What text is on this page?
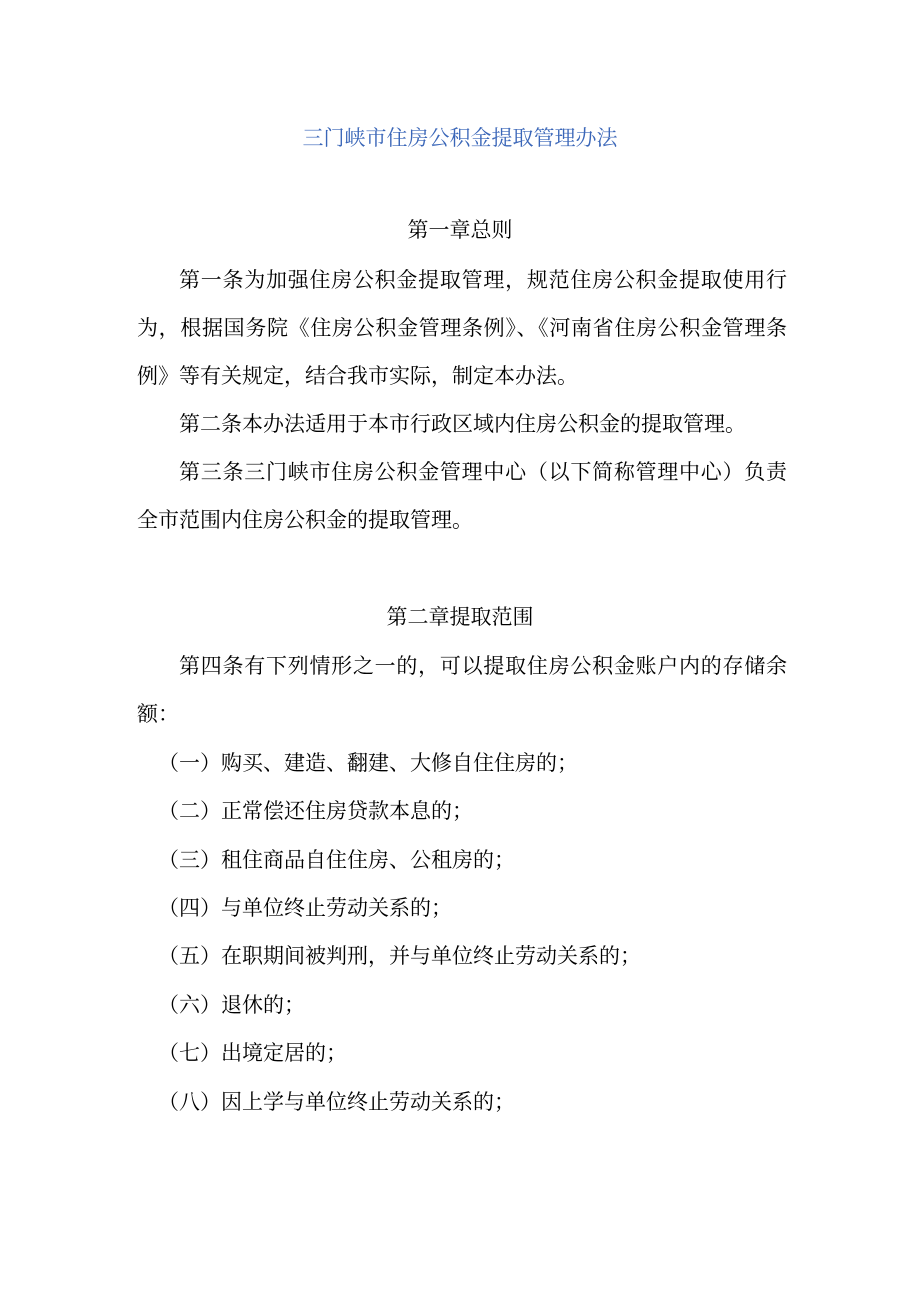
三门峡市住房公积金提取管理办法
第一章总则

第一条为加强住房公积金提取管理，规范住房公积金提取使用行为，根据国务院《住房公积金管理条例》、《河南省住房公积金管理条例》等有关规定，结合我市实际，制定本办法。

第二条本办法适用于本市行政区域内住房公积金的提取管理。

第三条三门峡市住房公积金管理中心（以下简称管理中心）负责全市范围内住房公积金的提取管理。

第二章提取范围

第四条有下列情形之一的，可以提取住房公积金账户内的存储余额：

（一）购买、建造、翻建、大修自住住房的；

（二）正常偿还住房贷款本息的；

（三）租住商品自住住房、公租房的；

（四）与单位终止劳动关系的；

（五）在职期间被判刑，并与单位终止劳动关系的；

（六）退休的；

（七）出境定居的；

（八）因上学与单位终止劳动关系的；
